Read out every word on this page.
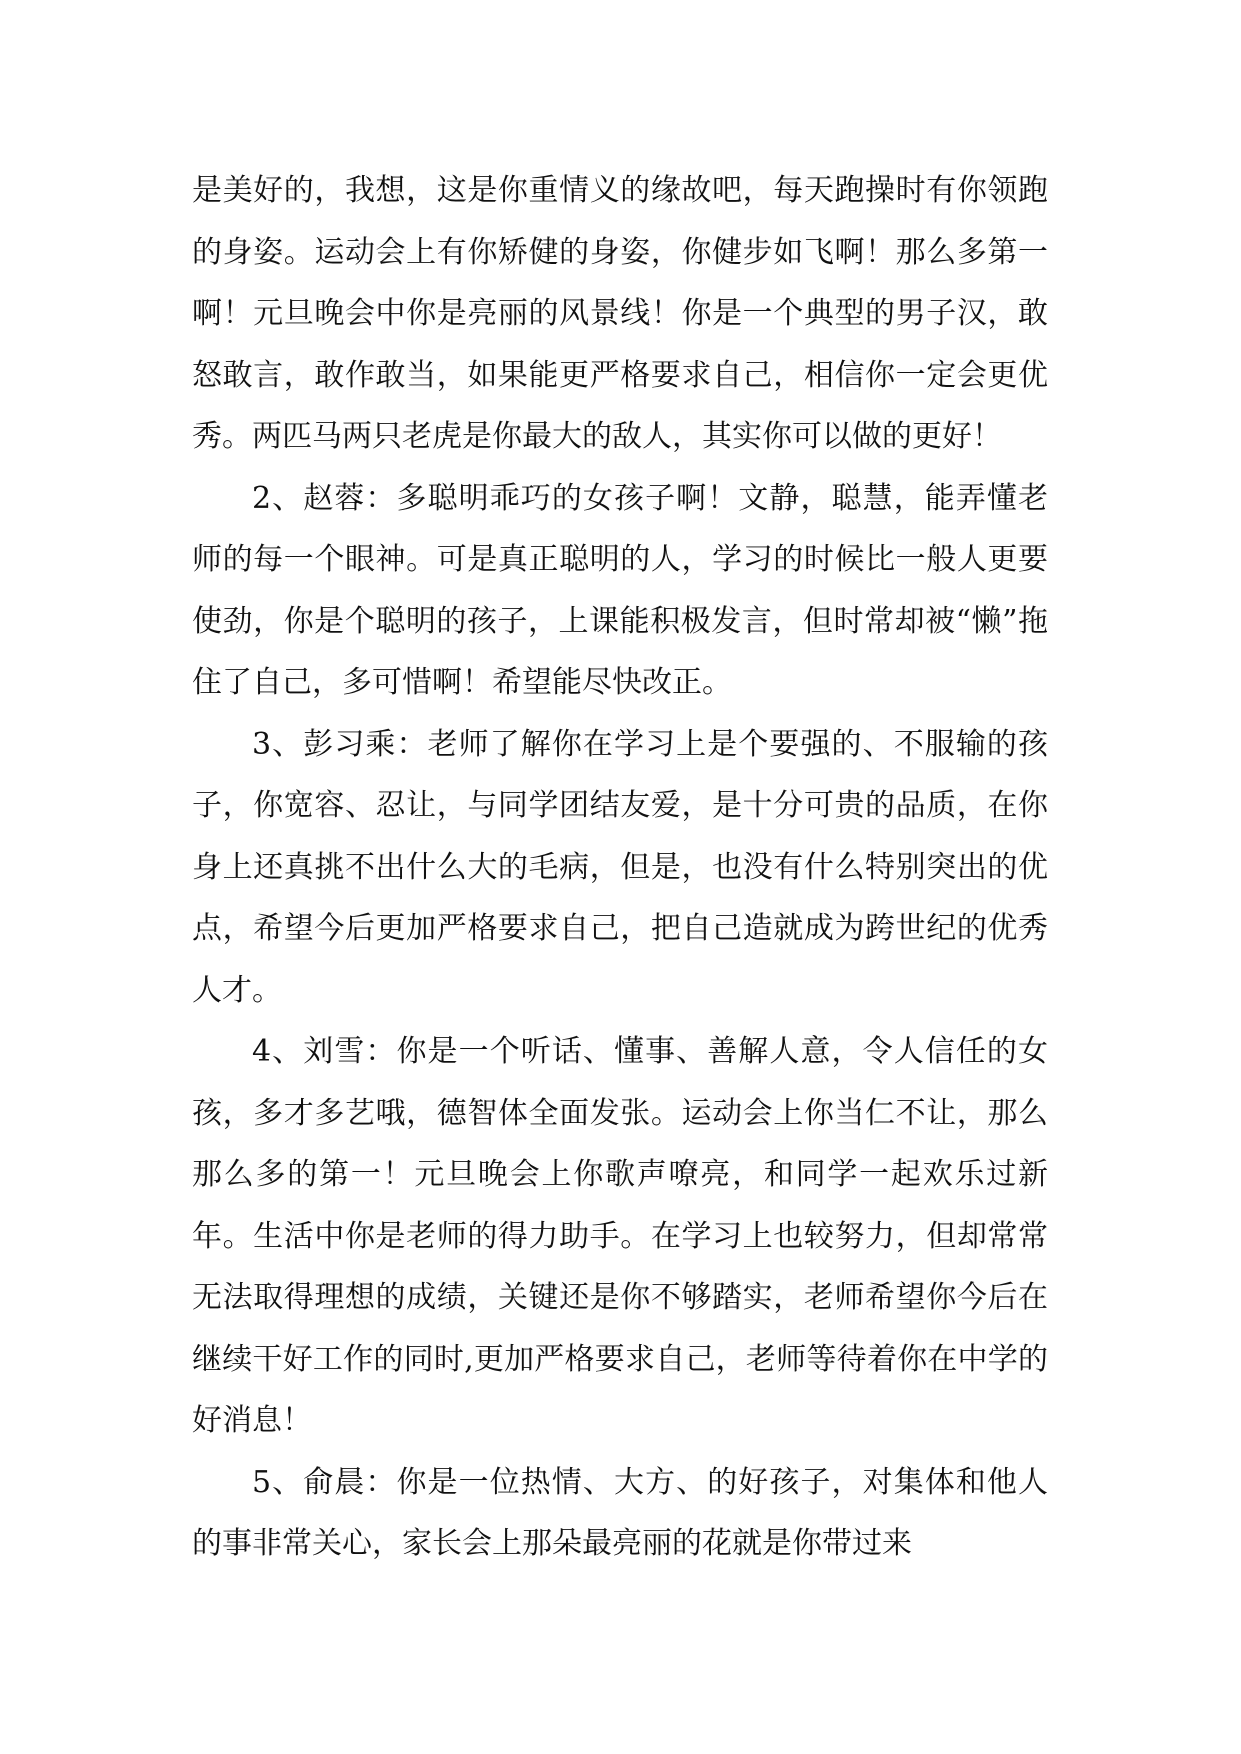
是美好的，我想，这是你重情义的缘故吧，每天跑操时有你领跑的身姿。运动会上有你矫健的身姿，你健步如飞啊！那么多第一啊！元旦晚会中你是亮丽的风景线！你是一个典型的男子汉，敢怒敢言，敢作敢当，如果能更严格要求自己，相信你一定会更优秀。两匹马两只老虎是你最大的敌人，其实你可以做的更好！

2、赵蓉：多聪明乖巧的女孩子啊！文静，聪慧，能弄懂老师的每一个眼神。可是真正聪明的人，学习的时候比一般人更要使劲，你是个聪明的孩子，上课能积极发言，但时常却被“懒”拖住了自己，多可惜啊！希望能尽快改正。

3、彭习乘：老师了解你在学习上是个要强的、不服输的孩子，你宽容、忍让，与同学团结友爱，是十分可贵的品质，在你身上还真挑不出什么大的毛病，但是，也没有什么特别突出的优点，希望今后更加严格要求自己，把自己造就成为跨世纪的优秀人才。

4、刘雪：你是一个听话、懂事、善解人意，令人信任的女孩，多才多艺哦，德智体全面发张。运动会上你当仁不让，那么那么多的第一！元旦晚会上你歌声嘹亮，和同学一起欢乐过新年。生活中你是老师的得力助手。在学习上也较努力，但却常常无法取得理想的成绩，关键还是你不够踏实，老师希望你今后在继续干好工作的同时,更加严格要求自己，老师等待着你在中学的好消息！

5、俞晨：你是一位热情、大方、的好孩子，对集体和他人的事非常关心，家长会上那朵最亮丽的花就是你带过来
